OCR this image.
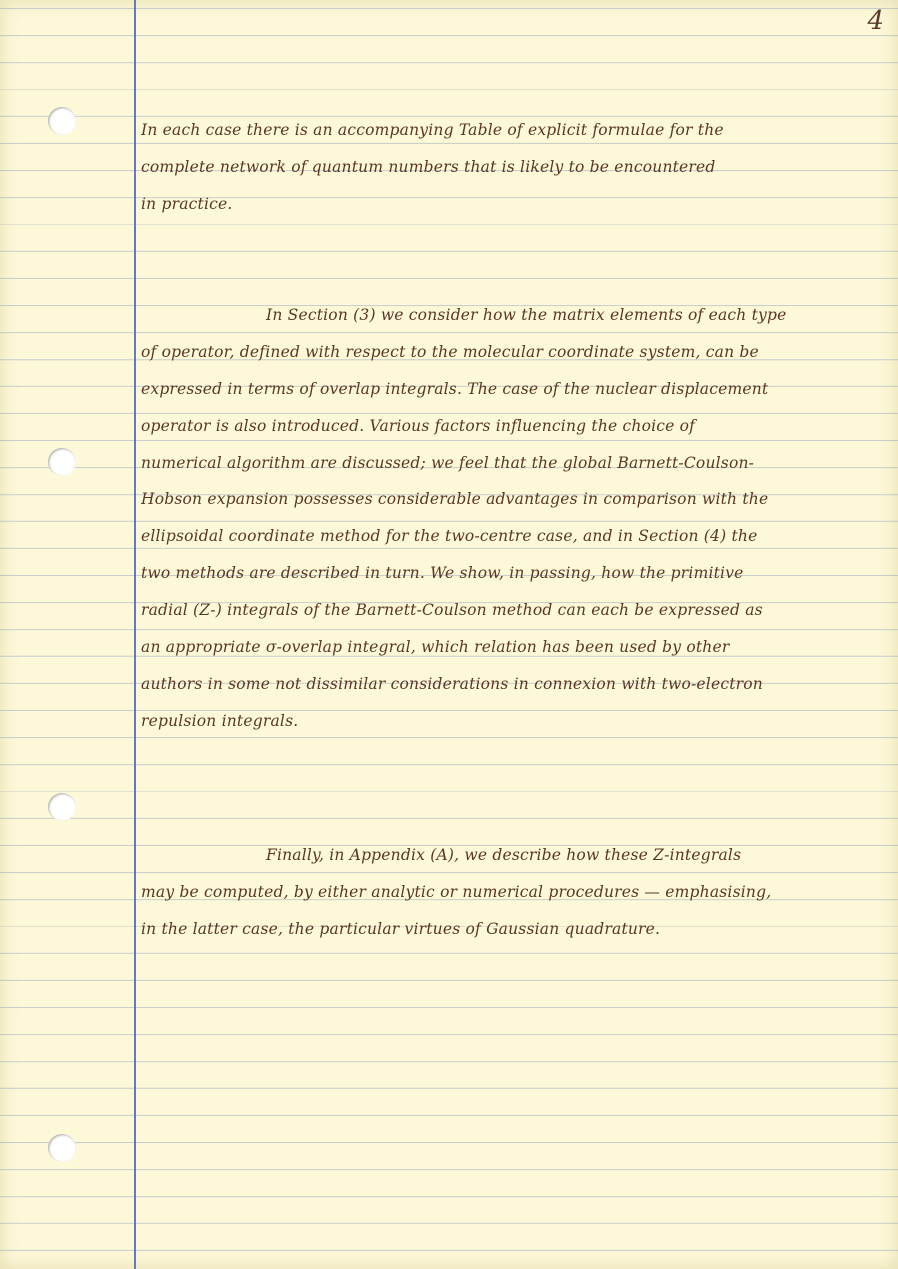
4
In each case there is an accompanying Table of explicit formulae for the
complete network of quantum numbers that is likely to be encountered
in practice.
In Section (3) we consider how the matrix elements of each type
of operator, defined with respect to the molecular coordinate system, can be
expressed in terms of overlap integrals. The case of the nuclear displacement
operator is also introduced. Various factors influencing the choice of
numerical algorithm are discussed; we feel that the global Barnett-Coulson-
Hobson expansion possesses considerable advantages in comparison with the
ellipsoidal coordinate method for the two-centre case, and in Section (4) the
two methods are described in turn. We show, in passing, how the primitive
radial (Z-) integrals of the Barnett-Coulson method can each be expressed as
an appropriate σ-overlap integral, which relation has been used by other
authors in some not dissimilar considerations in connexion with two-electron
repulsion integrals.
Finally, in Appendix (A), we describe how these Z-integrals
may be computed, by either analytic or numerical procedures — emphasising,
in the latter case, the particular virtues of Gaussian quadrature.
